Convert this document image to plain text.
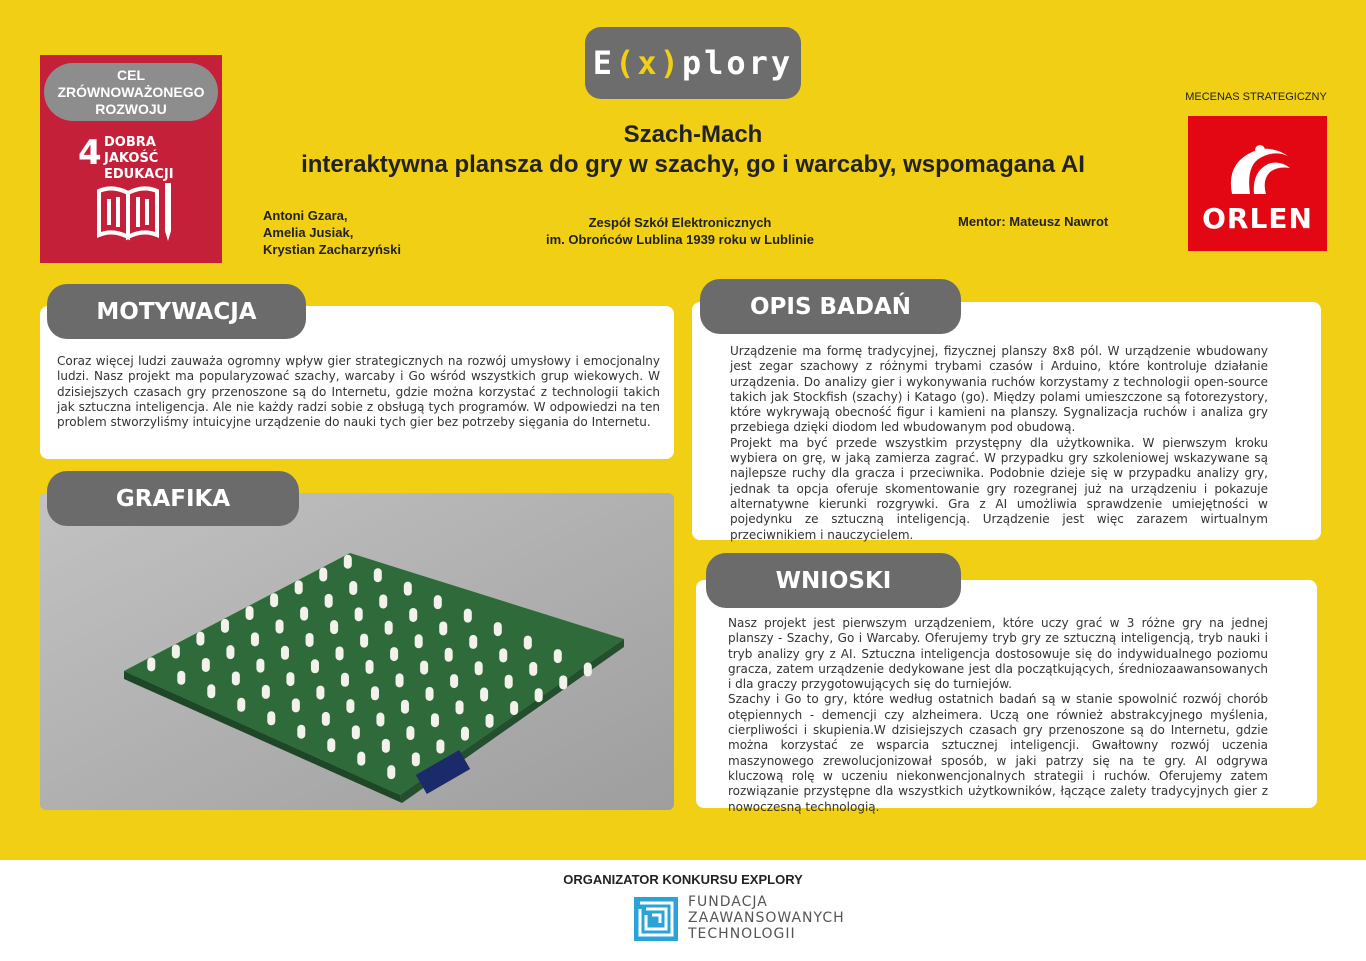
CEL
ZRÓWNOWAŻONEGO
ROZWOJU
4 DOBRA JAKOŚĆ
EDUKACJI
E(x)plory
Szach-Mach
interaktywna plansza do gry w szachy, go i warcaby, wspomagana AI
Antoni Gzara,
Amelia Jusiak,
Krystian Zacharzyński
Zespół Szkół Elektronicznych
im. Obrońców Lublina 1939 roku w Lublinie
Mentor: Mateusz Nawrot
MECENAS STRATEGICZNY
ORLEN
Coraz więcej ludzi zauważa ogromny wpływ gier strategicznych na rozwój umysłowy i emocjonalny ludzi. Nasz projekt ma popularyzować szachy, warcaby i Go wśród wszystkich grup wiekowych. W dzisiejszych czasach gry przenoszone są do Internetu, gdzie można korzystać z technologii takich jak sztuczna inteligencja. Ale nie każdy radzi sobie z obsługą tych programów. W odpowiedzi na ten problem stworzyliśmy intuicyjne urządzenie do nauki tych gier bez potrzeby sięgania do Internetu.
MOTYWACJA
GRAFIKA
Urządzenie ma formę tradycyjnej, fizycznej planszy 8x8 pól. W urządzenie wbudowany jest zegar szachowy z różnymi trybami czasów i Arduino, które kontroluje działanie urządzenia. Do analizy gier i wykonywania ruchów korzystamy z technologii open-source takich jak Stockfish (szachy) i Katago (go). Między polami umieszczone są fotorezystory, które wykrywają obecność figur i kamieni na planszy. Sygnalizacja ruchów i analiza gry przebiega dzięki diodom led wbudowanym pod obudową.
Projekt ma być przede wszystkim przystępny dla użytkownika. W pierwszym kroku wybiera on grę, w jaką zamierza zagrać. W przypadku gry szkoleniowej wskazywane są najlepsze ruchy dla gracza i przeciwnika. Podobnie dzieje się w przypadku analizy gry, jednak ta opcja oferuje skomentowanie gry rozegranej już na urządzeniu i pokazuje alternatywne kierunki rozgrywki. Gra z AI umożliwia sprawdzenie umiejętności w pojedynku ze sztuczną inteligencją. Urządzenie jest więc zarazem wirtualnym przeciwnikiem i nauczycielem.
OPIS BADAŃ
Nasz projekt jest pierwszym urządzeniem, które uczy grać w 3 różne gry na jednej planszy - Szachy, Go i Warcaby. Oferujemy tryb gry ze sztuczną inteligencją, tryb nauki i tryb analizy gry z AI. Sztuczna inteligencja dostosowuje się do indywidualnego poziomu gracza, zatem urządzenie dedykowane jest dla początkujących, średniozaawansowanych i dla graczy przygotowujących się do turniejów.
Szachy i Go to gry, które według ostatnich badań są w stanie spowolnić rozwój chorób otępiennych - demencji czy alzheimera. Uczą one również abstrakcyjnego myślenia, cierpliwości i skupienia.W dzisiejszych czasach gry przenoszone są do Internetu, gdzie można korzystać ze wsparcia sztucznej inteligencji. Gwałtowny rozwój uczenia maszynowego zrewolucjonizował sposób, w jaki patrzy się na te gry. AI odgrywa kluczową rolę w uczeniu niekonwencjonalnych strategii i ruchów. Oferujemy zatem rozwiązanie przystępne dla wszystkich użytkowników, łączące zalety tradycyjnych gier z nowoczesną technologią.
WNIOSKI
ORGANIZATOR KONKURSU EXPLORY
FUNDACJA
ZAAWANSOWANYCH
TECHNOLOGII
